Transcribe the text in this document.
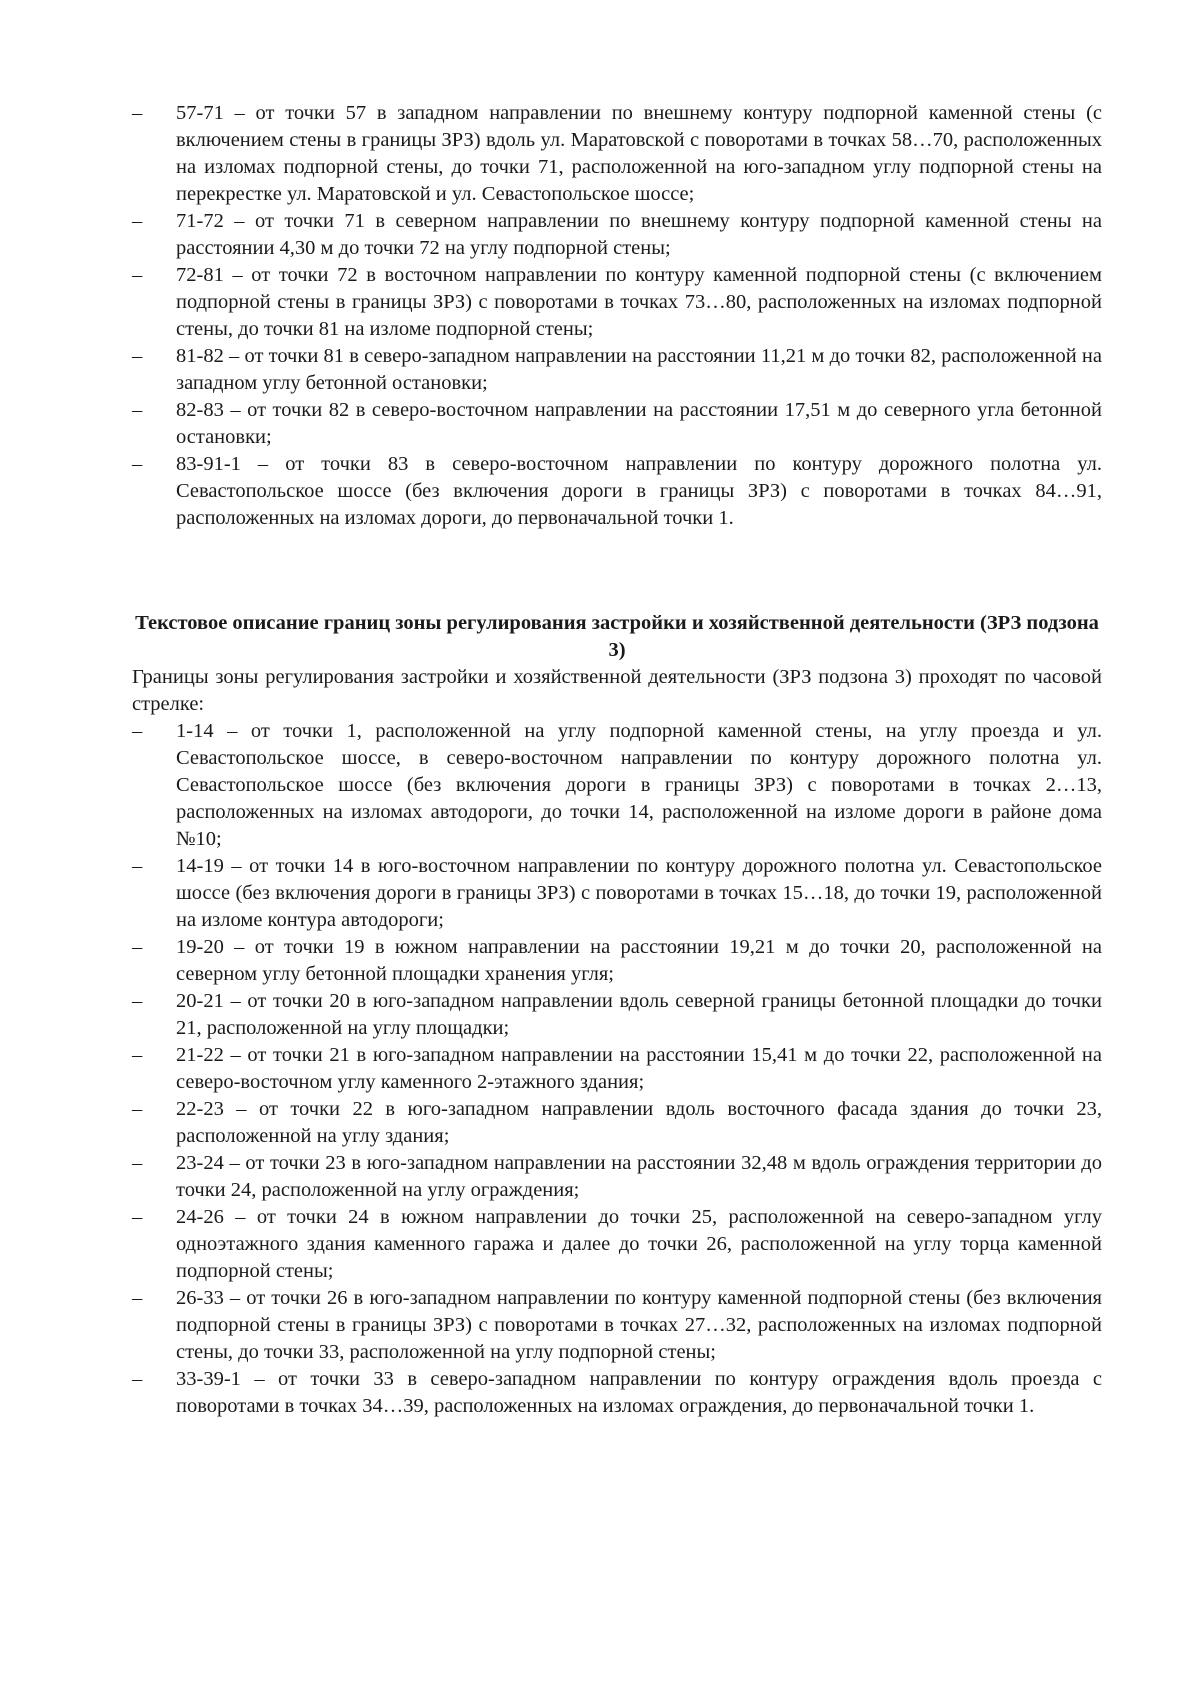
–	57-71 – от точки 57 в западном направлении по внешнему контуру подпорной каменной стены (с включением стены в границы ЗРЗ) вдоль ул. Маратовской с поворотами в точках 58…70, расположенных на изломах подпорной стены, до точки 71, расположенной на юго-западном углу подпорной стены на перекрестке ул. Маратовской и ул. Севастопольское шоссе;
–	71-72 – от точки 71 в северном направлении по внешнему контуру подпорной каменной стены на расстоянии 4,30 м до точки 72 на углу подпорной стены;
–	72-81 – от точки 72 в восточном направлении по контуру каменной подпорной стены (с включением подпорной стены в границы ЗРЗ) с поворотами в точках 73…80, расположенных на изломах подпорной стены, до точки 81 на изломе подпорной стены;
–	81-82 – от точки 81 в северо-западном направлении на расстоянии 11,21 м до точки 82, расположенной на западном углу бетонной остановки;
–	82-83 – от точки 82 в северо-восточном направлении на расстоянии 17,51 м до северного угла бетонной остановки;
–	83-91-1 – от точки 83 в северо-восточном направлении по контуру дорожного полотна ул. Севастопольское шоссе (без включения дороги в границы ЗРЗ) с поворотами в точках 84…91, расположенных на изломах дороги, до первоначальной точки 1.
Текстовое описание границ зоны регулирования застройки и хозяйственной деятельности (ЗРЗ подзона 3)

Границы зоны регулирования застройки и хозяйственной деятельности (ЗРЗ подзона 3) проходят по часовой стрелке:

–	1-14 – от точки 1, расположенной на углу подпорной каменной стены, на углу проезда и ул. Севастопольское шоссе, в северо-восточном направлении по контуру дорожного полотна ул. Севастопольское шоссе (без включения дороги в границы ЗРЗ) с поворотами в точках 2…13, расположенных на изломах автодороги, до точки 14, расположенной на изломе дороги в районе дома №10;
–	14-19 – от точки 14 в юго-восточном направлении по контуру дорожного полотна ул. Севастопольское шоссе (без включения дороги в границы ЗРЗ) с поворотами в точках 15…18, до точки 19, расположенной на изломе контура автодороги;
–	19-20 – от точки 19 в южном направлении на расстоянии 19,21 м до точки 20, расположенной на северном углу бетонной площадки хранения угля;
–	20-21 – от точки 20 в юго-западном направлении вдоль северной границы бетонной площадки до точки 21, расположенной на углу площадки;
–	21-22 – от точки 21 в юго-западном направлении на расстоянии 15,41 м до точки 22, расположенной на северо-восточном углу каменного 2-этажного здания;
–	22-23 – от точки 22 в юго-западном направлении вдоль восточного фасада здания до точки 23, расположенной на углу здания;
–	23-24 – от точки 23 в юго-западном направлении на расстоянии 32,48 м вдоль ограждения территории до точки 24, расположенной на углу ограждения;
–	24-26 – от точки 24 в южном направлении до точки 25, расположенной на северо-западном углу одноэтажного здания каменного гаража и далее до точки 26, расположенной на углу торца каменной подпорной стены;
–	26-33 – от точки 26 в юго-западном направлении по контуру каменной подпорной стены (без включения подпорной стены в границы ЗРЗ) с поворотами в точках 27…32, расположенных на изломах подпорной стены, до точки 33, расположенной на углу подпорной стены;
–	33-39-1 – от точки 33 в северо-западном направлении по контуру ограждения вдоль проезда с поворотами в точках 34…39, расположенных на изломах ограждения, до первоначальной точки 1.
